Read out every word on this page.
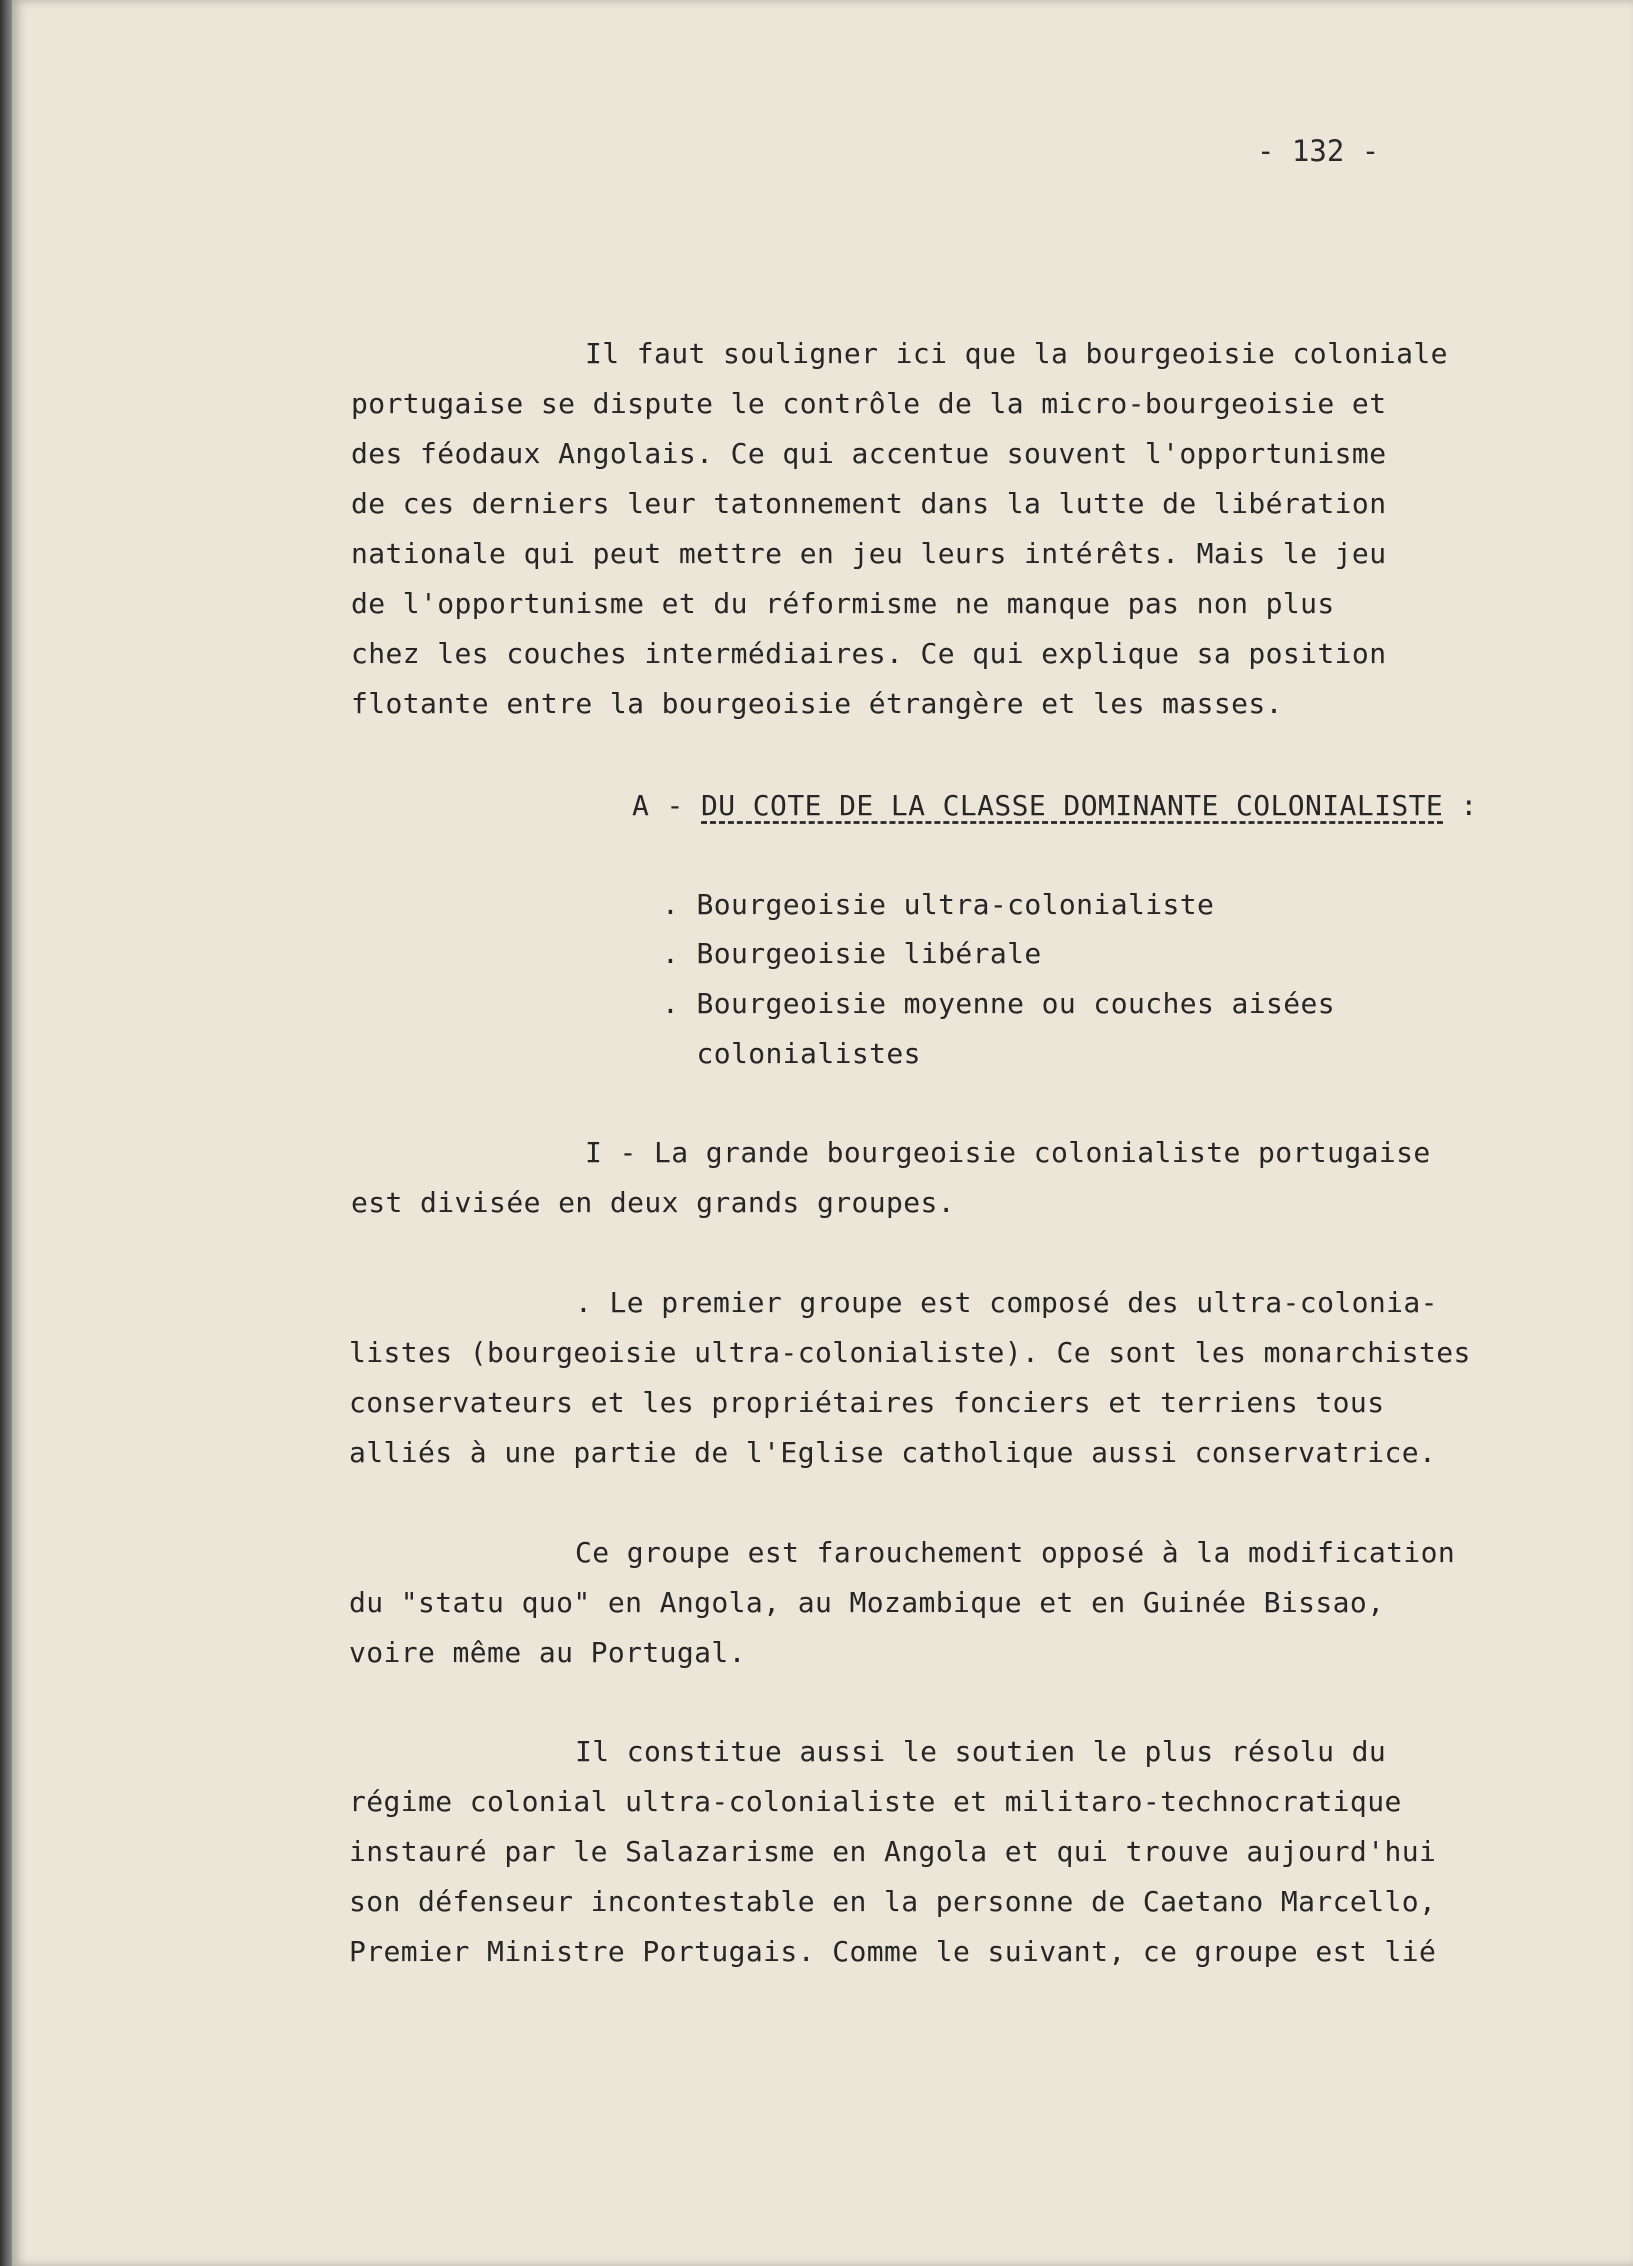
- 132 -
Il faut souligner ici que la bourgeoisie coloniale
portugaise se dispute le contrôle de la micro-bourgeoisie et
des féodaux Angolais. Ce qui accentue souvent l'opportunisme
de ces derniers leur tatonnement dans la lutte de libération
nationale qui peut mettre en jeu leurs intérêts. Mais le jeu
de l'opportunisme et du réformisme ne manque pas non plus
chez les couches intermédiaires. Ce qui explique sa position
flotante entre la bourgeoisie étrangère et les masses.
A - DU COTE DE LA CLASSE DOMINANTE COLONIALISTE :
. Bourgeoisie ultra-colonialiste
. Bourgeoisie libérale
. Bourgeoisie moyenne ou couches aisées
colonialistes
I - La grande bourgeoisie colonialiste portugaise
est divisée en deux grands groupes.
. Le premier groupe est composé des ultra-colonia-
listes (bourgeoisie ultra-colonialiste). Ce sont les monarchistes
conservateurs et les propriétaires fonciers et terriens tous
alliés à une partie de l'Eglise catholique aussi conservatrice.
Ce groupe est farouchement opposé à la modification
du "statu quo" en Angola, au Mozambique et en Guinée Bissao,
voire même au Portugal.
Il constitue aussi le soutien le plus résolu du
régime colonial ultra-colonialiste et militaro-technocratique
instauré par le Salazarisme en Angola et qui trouve aujourd'hui
son défenseur incontestable en la personne de Caetano Marcello,
Premier Ministre Portugais. Comme le suivant, ce groupe est lié
